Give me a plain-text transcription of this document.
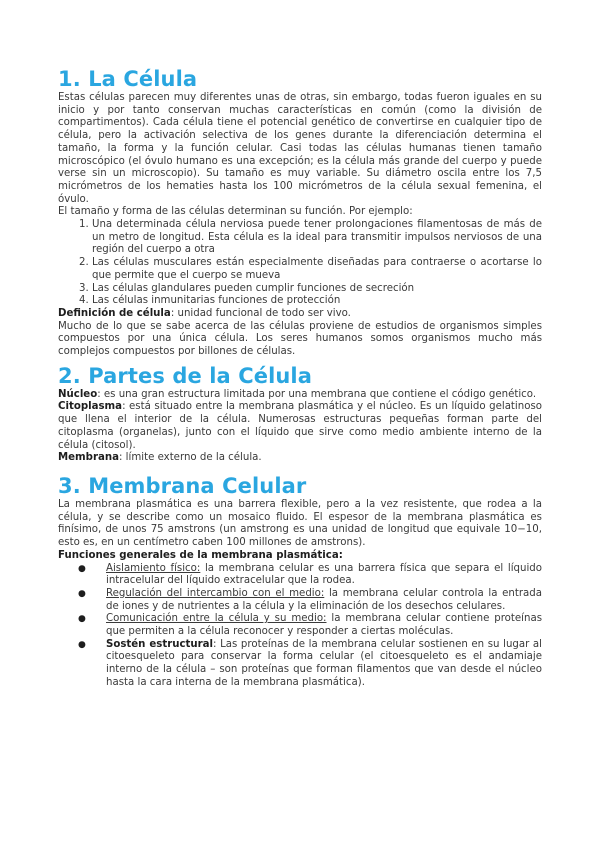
1. La Célula

Estas células parecen muy diferentes unas de otras, sin embargo, todas fueron iguales en su inicio y por tanto conservan muchas características en común (como la división de compartimentos). Cada célula tiene el potencial genético de convertirse en cualquier tipo de célula, pero la activación selectiva de los genes durante la diferenciación determina el tamaño, la forma y la función celular. Casi todas las células humanas tienen tamaño microscópico (el óvulo humano es una excepción; es la célula más grande del cuerpo y puede verse sin un microscopio). Su tamaño es muy variable. Su diámetro oscila entre los 7,5 micrómetros de los hematies hasta los 100 micrómetros de la célula sexual femenina, el óvulo.

El tamaño y forma de las células determinan su función. Por ejemplo:

1. Una determinada célula nerviosa puede tener prolongaciones filamentosas de más de un metro de longitud. Esta célula es la ideal para transmitir impulsos nerviosos de una región del cuerpo a otra
2. Las células musculares están especialmente diseñadas para contraerse o acortarse lo que permite que el cuerpo se mueva
3. Las células glandulares pueden cumplir funciones de secreción
4. Las células inmunitarias funciones de protección

Definición de célula: unidad funcional de todo ser vivo.

Mucho de lo que se sabe acerca de las células proviene de estudios de organismos simples compuestos por una única célula. Los seres humanos somos organismos mucho más complejos compuestos por billones de células.

2. Partes de la Célula

Núcleo: es una gran estructura limitada por una membrana que contiene el código genético.

Citoplasma: está situado entre la membrana plasmática y el núcleo. Es un líquido gelatinoso que llena el interior de la célula. Numerosas estructuras pequeñas forman parte del citoplasma (organelas), junto con el líquido que sirve como medio ambiente interno de la célula (citosol).

Membrana: límite externo de la célula.

3. Membrana Celular

La membrana plasmática es una barrera flexible, pero a la vez resistente, que rodea a la célula, y se describe como un mosaico fluido. El espesor de la membrana plasmática es finísimo, de unos 75 amstrons (un amstrong es una unidad de longitud que equivale 10−10, esto es, en un centímetro caben 100 millones de amstrons).

Funciones generales de la membrana plasmática:

● Aislamiento físico: la membrana celular es una barrera física que separa el líquido intracelular del líquido extracelular que la rodea.
● Regulación del intercambio con el medio: la membrana celular controla la entrada de iones y de nutrientes a la célula y la eliminación de los desechos celulares.
● Comunicación entre la célula y su medio: la membrana celular contiene proteínas que permiten a la célula reconocer y responder a ciertas moléculas.
● Sostén estructural: Las proteínas de la membrana celular sostienen en su lugar al citoesqueleto para conservar la forma celular (el citoesqueleto es el andamiaje interno de la célula – son proteínas que forman filamentos que van desde el núcleo hasta la cara interna de la membrana plasmática).
